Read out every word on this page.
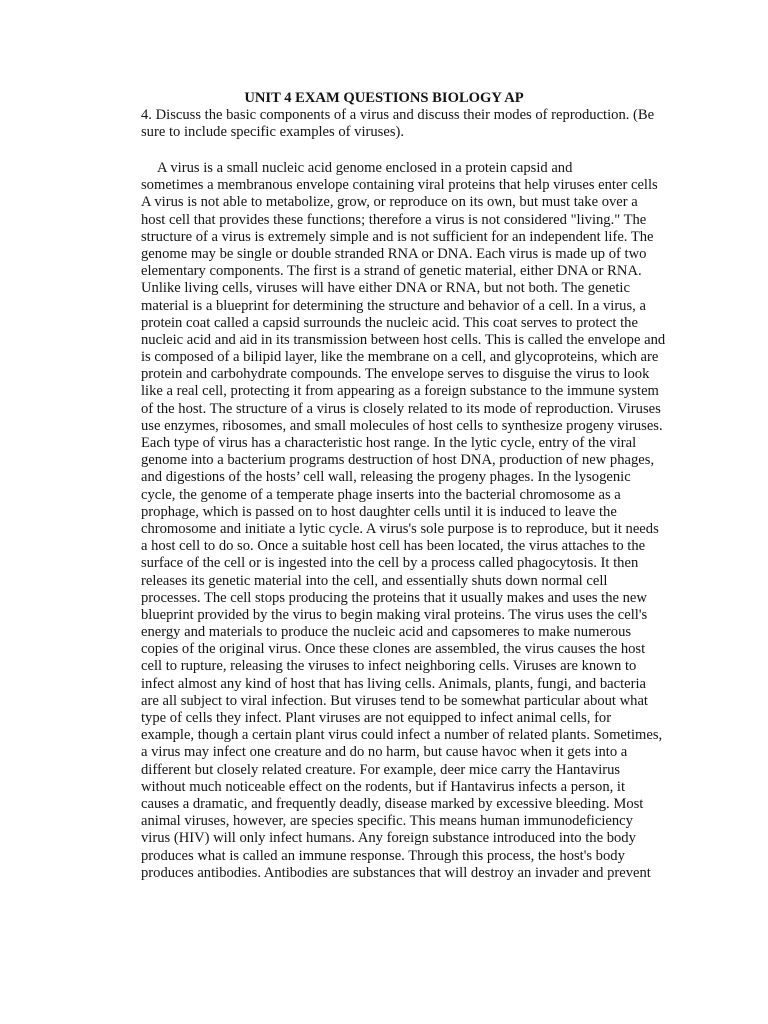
UNIT 4 EXAM QUESTIONS BIOLOGY AP

4. Discuss the basic components of a virus and discuss their modes of reproduction. (Be
sure to include specific examples of viruses).

A virus is a small nucleic acid genome enclosed in a protein capsid and
sometimes a membranous envelope containing viral proteins that help viruses enter cells
A virus is not able to metabolize, grow, or reproduce on its own, but must take over a
host cell that provides these functions; therefore a virus is not considered "living." The
structure of a virus is extremely simple and is not sufficient for an independent life. The
genome may be single or double stranded RNA or DNA. Each virus is made up of two
elementary components. The first is a strand of genetic material, either DNA or RNA.
Unlike living cells, viruses will have either DNA or RNA, but not both. The genetic
material is a blueprint for determining the structure and behavior of a cell. In a virus, a
protein coat called a capsid surrounds the nucleic acid. This coat serves to protect the
nucleic acid and aid in its transmission between host cells. This is called the envelope and
is composed of a bilipid layer, like the membrane on a cell, and glycoproteins, which are
protein and carbohydrate compounds. The envelope serves to disguise the virus to look
like a real cell, protecting it from appearing as a foreign substance to the immune system
of the host. The structure of a virus is closely related to its mode of reproduction. Viruses
use enzymes, ribosomes, and small molecules of host cells to synthesize progeny viruses.
Each type of virus has a characteristic host range. In the lytic cycle, entry of the viral
genome into a bacterium programs destruction of host DNA, production of new phages,
and digestions of the hosts’ cell wall, releasing the progeny phages. In the lysogenic
cycle, the genome of a temperate phage inserts into the bacterial chromosome as a
prophage, which is passed on to host daughter cells until it is induced to leave the
chromosome and initiate a lytic cycle. A virus's sole purpose is to reproduce, but it needs
a host cell to do so. Once a suitable host cell has been located, the virus attaches to the
surface of the cell or is ingested into the cell by a process called phagocytosis. It then
releases its genetic material into the cell, and essentially shuts down normal cell
processes. The cell stops producing the proteins that it usually makes and uses the new
blueprint provided by the virus to begin making viral proteins. The virus uses the cell's
energy and materials to produce the nucleic acid and capsomeres to make numerous
copies of the original virus. Once these clones are assembled, the virus causes the host
cell to rupture, releasing the viruses to infect neighboring cells. Viruses are known to
infect almost any kind of host that has living cells. Animals, plants, fungi, and bacteria
are all subject to viral infection. But viruses tend to be somewhat particular about what
type of cells they infect. Plant viruses are not equipped to infect animal cells, for
example, though a certain plant virus could infect a number of related plants. Sometimes,
a virus may infect one creature and do no harm, but cause havoc when it gets into a
different but closely related creature. For example, deer mice carry the Hantavirus
without much noticeable effect on the rodents, but if Hantavirus infects a person, it
causes a dramatic, and frequently deadly, disease marked by excessive bleeding. Most
animal viruses, however, are species specific. This means human immunodeficiency
virus (HIV) will only infect humans. Any foreign substance introduced into the body
produces what is called an immune response. Through this process, the host's body
produces antibodies. Antibodies are substances that will destroy an invader and prevent
